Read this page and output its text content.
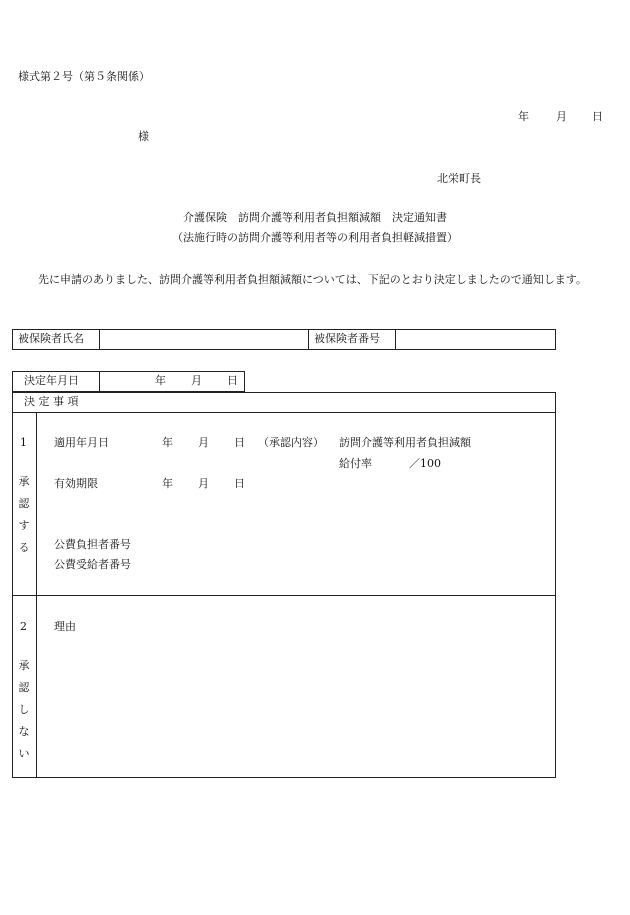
様式第２号（第５条関係）
年 月 日
様
北栄町長
介護保険　訪問介護等利用者負担額減額　決定通知書
（法施行時の訪問介護等利用者等の利用者負担軽減措置）
先に申請のありました、訪問介護等利用者負担額減額については、下記のとおり決定しましたので通知します。
被保険者氏名	被保険者番号
決定年月日	年 月 日
決 定 事 項
1
承認する
適用年月日	年 月 日 （承認内容） 訪問介護等利用者負担減額
給付率	／100
有効期限	年 月 日
公費負担者番号
公費受給者番号
2
承認しない
理由
